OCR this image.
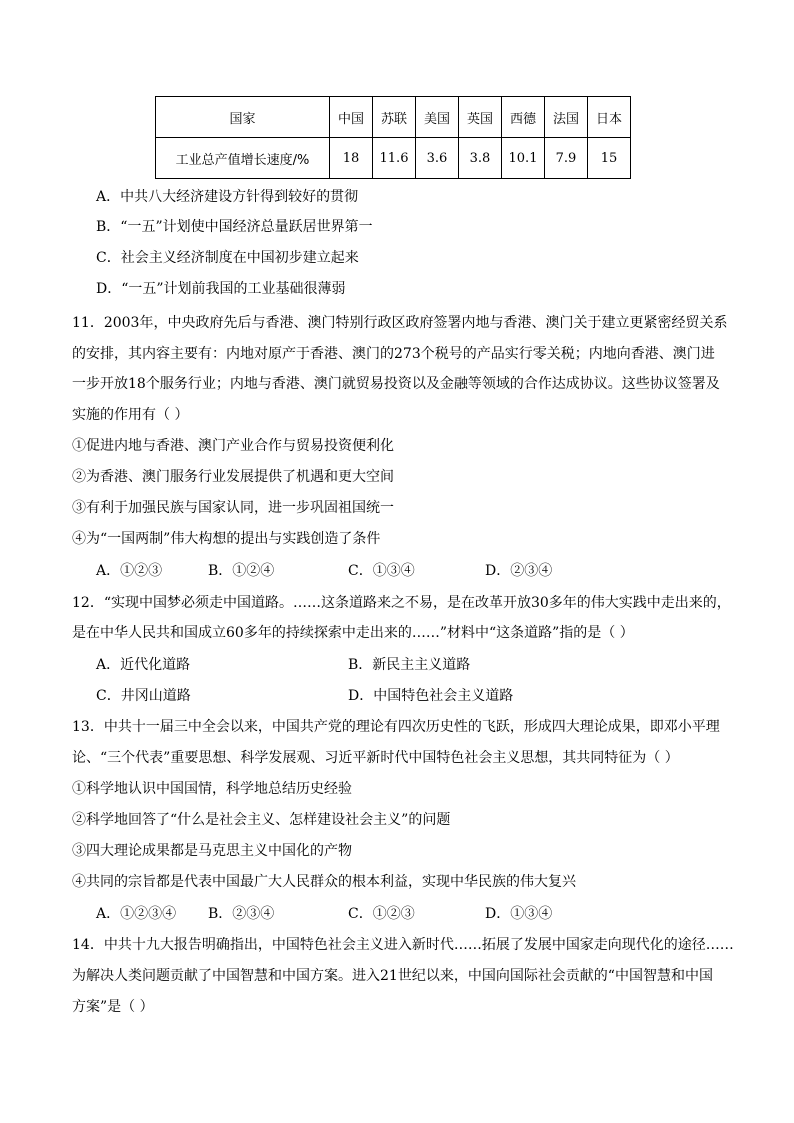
国家	中国	苏联	美国	英国	西德	法国	日本
工业总产值增长速度/%	18	11.6	3.6	3.8	10.1	7.9	15
A．中共八大经济建设方针得到较好的贯彻
B．“一五”计划使中国经济总量跃居世界第一
C．社会主义经济制度在中国初步建立起来
D．“一五”计划前我国的工业基础很薄弱
11．2003年，中央政府先后与香港、澳门特别行政区政府签署内地与香港、澳门关于建立更紧密经贸关系
的安排，其内容主要有：内地对原产于香港、澳门的273个税号的产品实行零关税；内地向香港、澳门进
一步开放18个服务行业；内地与香港、澳门就贸易投资以及金融等领域的合作达成协议。这些协议签署及
实施的作用有（ ）
①促进内地与香港、澳门产业合作与贸易投资便利化
②为香港、澳门服务行业发展提供了机遇和更大空间
③有利于加强民族与国家认同，进一步巩固祖国统一
④为“一国两制”伟大构想的提出与实践创造了条件
A．①②③	B．①②④	C．①③④	D．②③④
12．“实现中国梦必须走中国道路。……这条道路来之不易，是在改革开放30多年的伟大实践中走出来的，
是在中华人民共和国成立60多年的持续探索中走出来的……”材料中“这条道路”指的是（ ）
A．近代化道路	B．新民主主义道路
C．井冈山道路	D．中国特色社会主义道路
13．中共十一届三中全会以来，中国共产党的理论有四次历史性的飞跃，形成四大理论成果，即邓小平理
论、“三个代表”重要思想、科学发展观、习近平新时代中国特色社会主义思想，其共同特征为（ ）
①科学地认识中国国情，科学地总结历史经验
②科学地回答了“什么是社会主义、怎样建设社会主义”的问题
③四大理论成果都是马克思主义中国化的产物
④共同的宗旨都是代表中国最广大人民群众的根本利益，实现中华民族的伟大复兴
A．①②③④ B．②③④	C．①②③	D．①③④
14．中共十九大报告明确指出，中国特色社会主义进入新时代……拓展了发展中国家走向现代化的途径……
为解决人类问题贡献了中国智慧和中国方案。进入21世纪以来，中国向国际社会贡献的“中国智慧和中国
方案”是（ ）
